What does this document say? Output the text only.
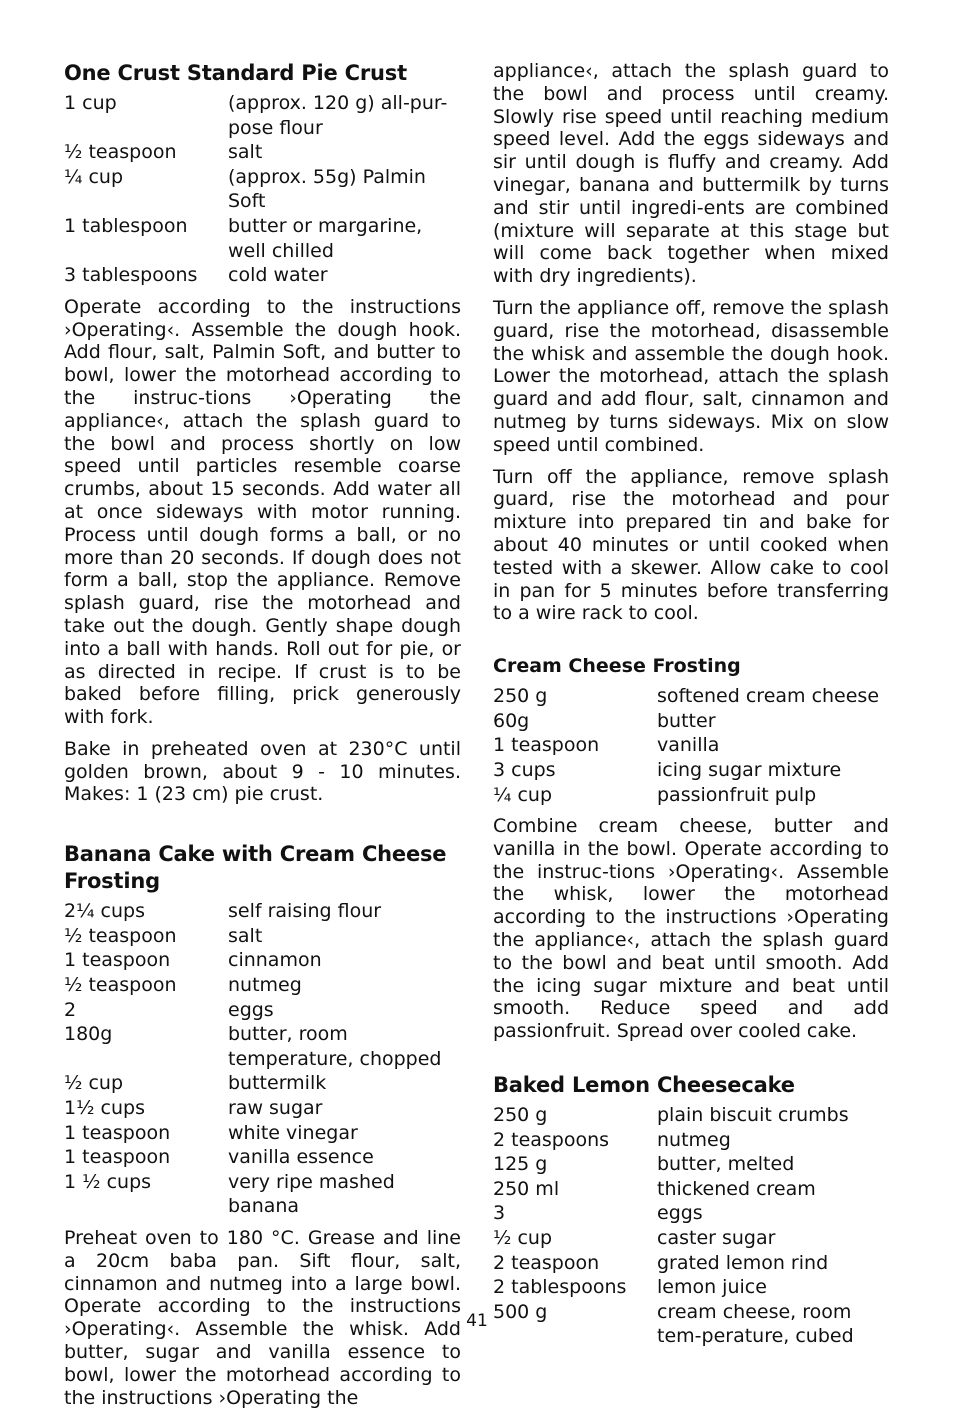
One Crust Standard Pie Crust
1 cup	(approx. 120 g) all-pur-pose flour
½ teaspoon	salt
¼ cup	(approx. 55g) Palmin Soft
1 tablespoon	butter or margarine, well chilled
3 tablespoons	cold water

Operate according to the instructions ›Operating‹. Assemble the dough hook. Add flour, salt, Palmin Soft, and butter to bowl, lower the motorhead according to the instruc-tions ›Operating the appliance‹, attach the splash guard to the bowl and process shortly on low speed until particles resemble coarse crumbs, about 15 seconds. Add water all at once sideways with motor running. Process until dough forms a ball, or no more than 20 seconds. If dough does not form a ball, stop the appliance. Remove splash guard, rise the motorhead and take out the dough. Gently shape dough into a ball with hands. Roll out for pie, or as directed in recipe. If crust is to be baked before filling, prick generously with fork.

Bake in preheated oven at 230°C until golden brown, about 9 - 10 minutes. Makes: 1 (23 cm) pie crust.

Banana Cake with Cream Cheese Frosting
2¼ cups	self raising flour
½ teaspoon	salt
1 teaspoon	cinnamon
½ teaspoon	nutmeg
2	eggs
180g	butter, room temperature, chopped
½ cup	buttermilk
1½ cups	raw sugar
1 teaspoon	white vinegar
1 teaspoon	vanilla essence
1 ½ cups	very ripe mashed banana

Preheat oven to 180 °C. Grease and line a 20cm baba pan. Sift flour, salt, cinnamon and nutmeg into a large bowl. Operate according to the instructions ›Operating‹. Assemble the whisk. Add butter, sugar and vanilla essence to bowl, lower the motorhead according to the instructions ›Operating the

appliance‹, attach the splash guard to the bowl and process until creamy. Slowly rise speed until reaching medium speed level. Add the eggs sideways and sir until dough is fluffy and creamy. Add vinegar, banana and buttermilk by turns and stir until ingredi-ents are combined (mixture will separate at this stage but will come back together when mixed with dry ingredients).

Turn the appliance off, remove the splash guard, rise the motorhead, disassemble the whisk and assemble the dough hook. Lower the motorhead, attach the splash guard and add flour, salt, cinnamon and nutmeg by turns sideways. Mix on slow speed until combined.

Turn off the appliance, remove splash guard, rise the motorhead and pour mixture into prepared tin and bake for about 40 minutes or until cooked when tested with a skewer. Allow cake to cool in pan for 5 minutes before transferring to a wire rack to cool.

Cream Cheese Frosting
250 g	softened cream cheese
60g	butter
1 teaspoon	vanilla
3 cups	icing sugar mixture
¼ cup	passionfruit pulp

Combine cream cheese, butter and vanilla in the bowl. Operate according to the instruc-tions ›Operating‹. Assemble the whisk, lower the motorhead according to the instructions ›Operating the appliance‹, attach the splash guard to the bowl and beat until smooth. Add the icing sugar mixture and beat until smooth. Reduce speed and add passionfruit. Spread over cooled cake.

Baked Lemon Cheesecake
250 g	plain biscuit crumbs
2 teaspoons	nutmeg
125 g	butter, melted
250 ml	thickened cream
3	eggs
½ cup	caster sugar
2 teaspoon	grated lemon rind
2 tablespoons	lemon juice
500 g	cream cheese, room tem-perature, cubed
41
